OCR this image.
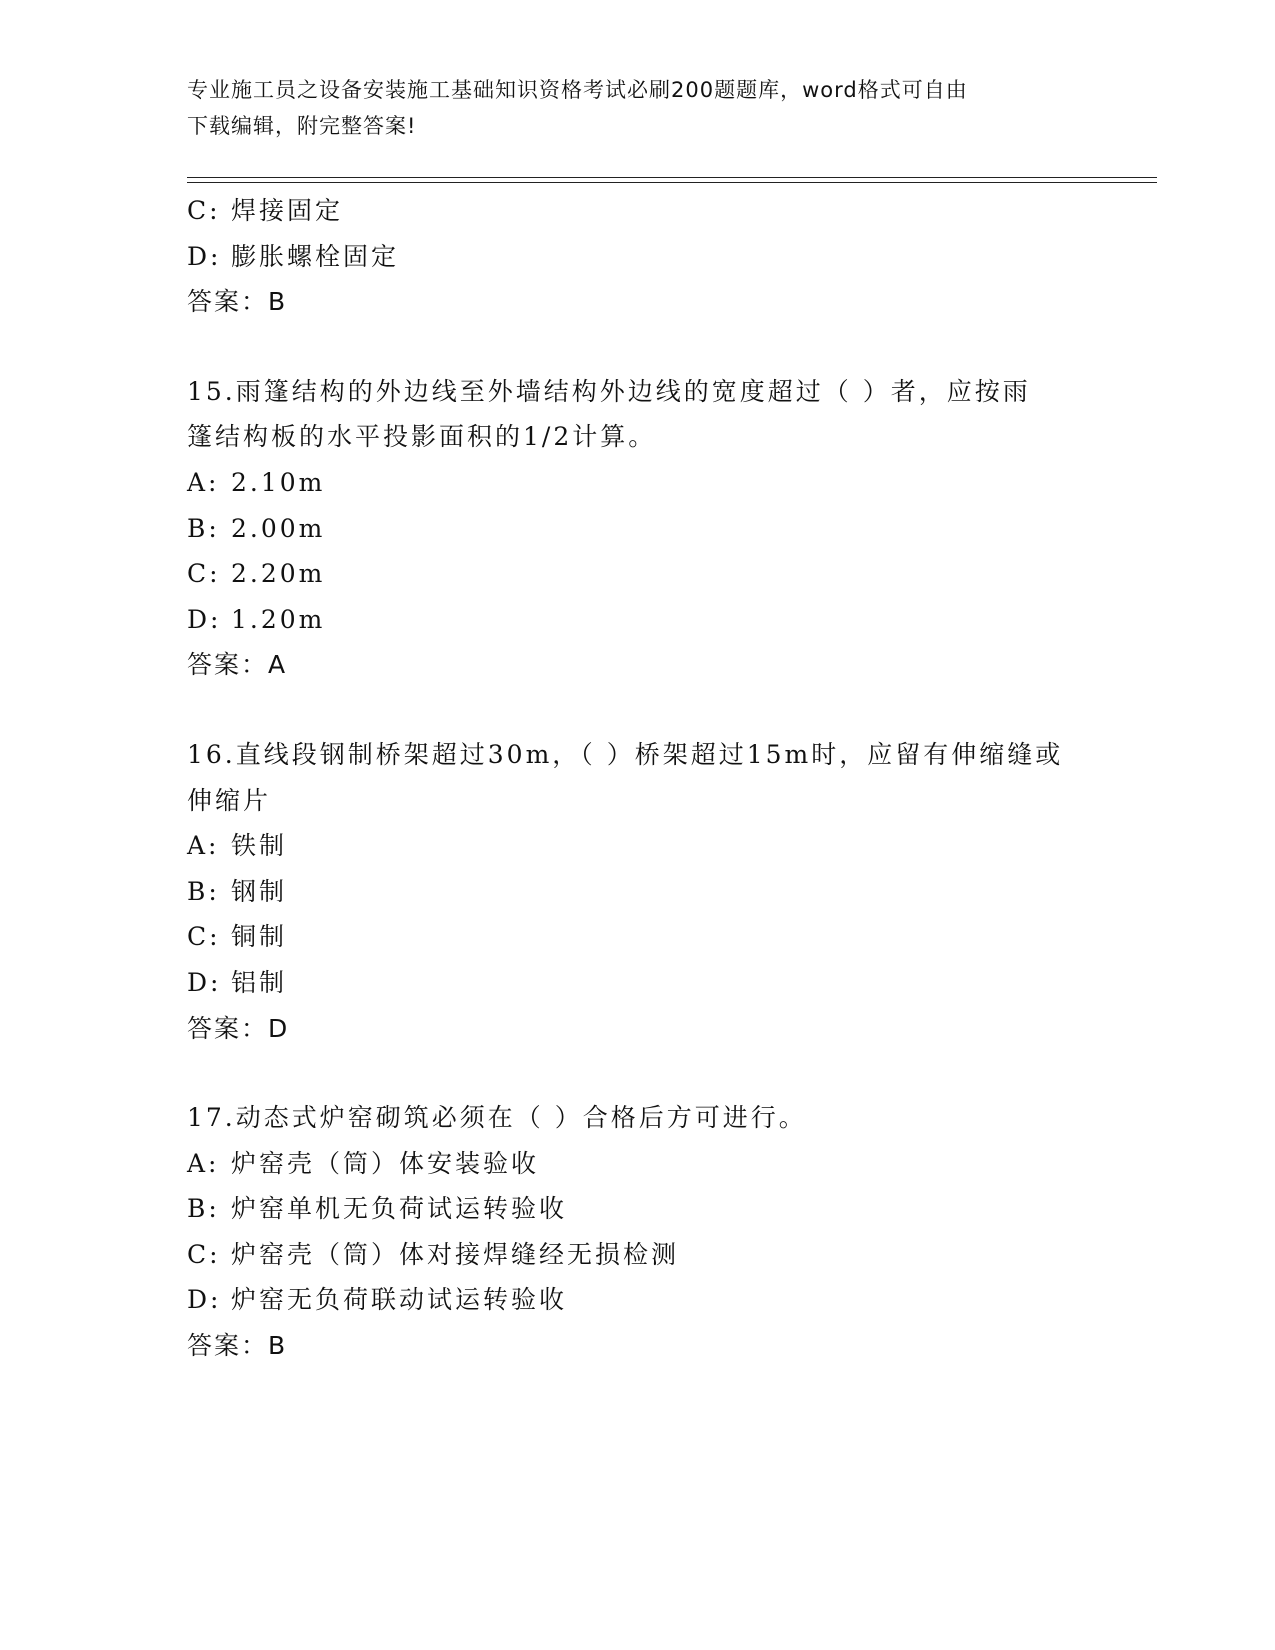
专业施工员之设备安装施工基础知识资格考试必刷200题题库，word格式可自由
下载编辑，附完整答案!
C: 焊接固定
D: 膨胀螺栓固定
答案：B
15.雨篷结构的外边线至外墙结构外边线的宽度超过（ ）者，应按雨
篷结构板的水平投影面积的1/2计算。
A: 2.10m
B: 2.00m
C: 2.20m
D: 1.20m
答案：A
16.直线段钢制桥架超过30m，（ ）桥架超过15m时，应留有伸缩缝或
伸缩片
A: 铁制
B: 钢制
C: 铜制
D: 铝制
答案：D
17.动态式炉窑砌筑必须在（ ）合格后方可进行。
A: 炉窑壳（筒）体安装验收
B: 炉窑单机无负荷试运转验收
C: 炉窑壳（筒）体对接焊缝经无损检测
D: 炉窑无负荷联动试运转验收
答案：B
